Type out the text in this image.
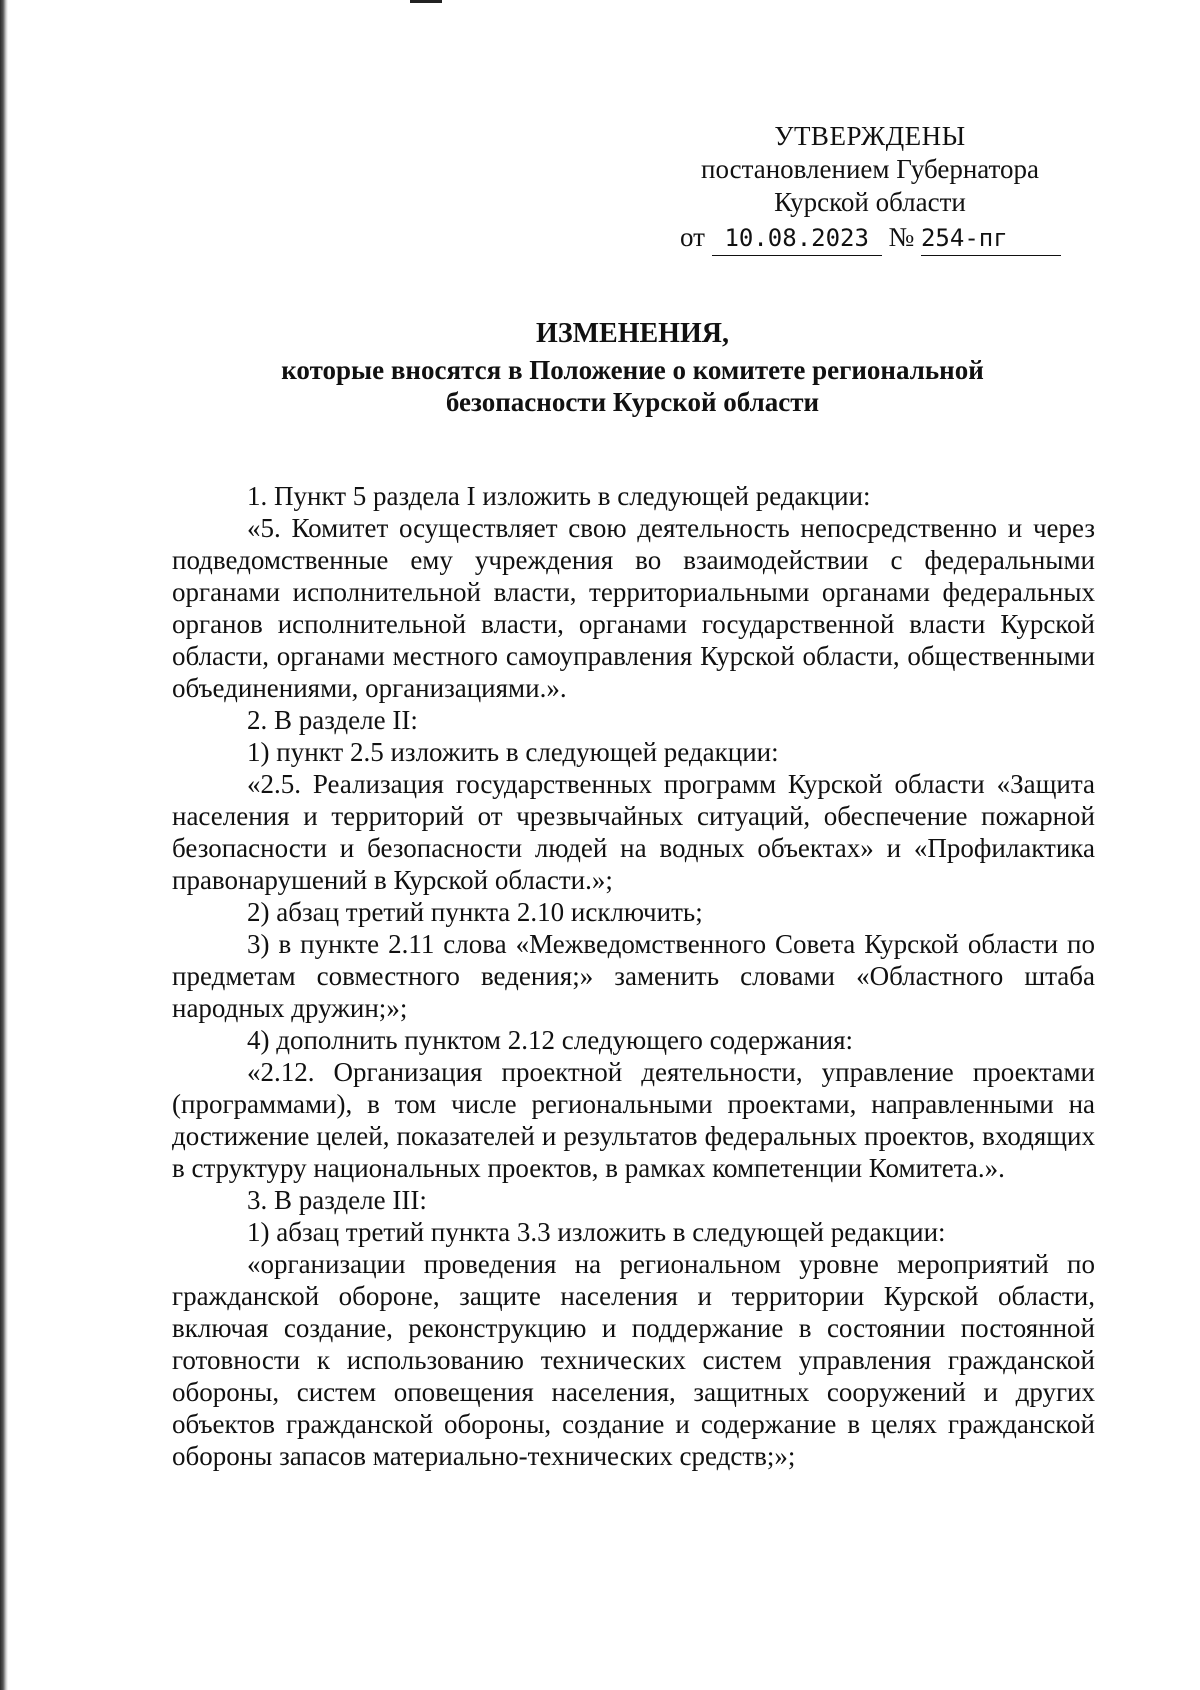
УТВЕРЖДЕНЫ
постановлением Губернатора
Курской области
от 10.08.2023 № 254-пг
ИЗМЕНЕНИЯ,
которые вносятся в Положение о комитете региональной безопасности Курской области

1. Пункт 5 раздела I изложить в следующей редакции:

«5. Комитет осуществляет свою деятельность непосредственно и через подведомственные ему учреждения во взаимодействии с федеральными органами исполнительной власти, территориальными органами федеральных органов исполнительной власти, органами государственной власти Курской области, органами местного самоуправления Курской области, общественными объединениями, организациями.».

2. В разделе II:

1) пункт 2.5 изложить в следующей редакции:

«2.5. Реализация государственных программ Курской области «Защита населения и территорий от чрезвычайных ситуаций, обеспечение пожарной безопасности и безопасности людей на водных объектах» и «Профилактика правонарушений в Курской области.»;

2) абзац третий пункта 2.10 исключить;

3) в пункте 2.11 слова «Межведомственного Совета Курской области по предметам совместного ведения;» заменить словами «Областного штаба народных дружин;»;

4) дополнить пунктом 2.12 следующего содержания:

«2.12. Организация проектной деятельности, управление проектами (программами), в том числе региональными проектами, направленными на достижение целей, показателей и результатов федеральных проектов, входящих в структуру национальных проектов, в рамках компетенции Комитета.».

3. В разделе III:

1) абзац третий пункта 3.3 изложить в следующей редакции:

«организации проведения на региональном уровне мероприятий по гражданской обороне, защите населения и территории Курской области, включая создание, реконструкцию и поддержание в состоянии постоянной готовности к использованию технических систем управления гражданской обороны, систем оповещения населения, защитных сооружений и других объектов гражданской обороны, создание и содержание в целях гражданской обороны запасов материально-технических средств;»;
